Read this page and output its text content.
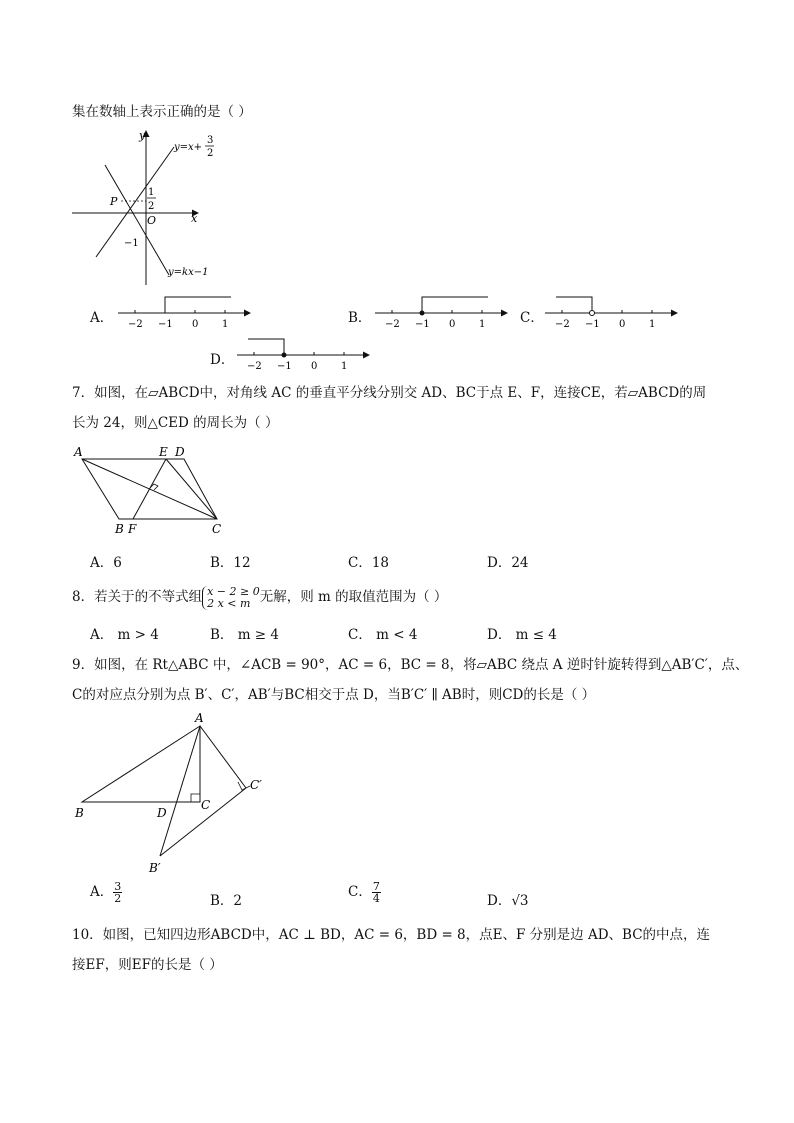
集在数轴上表示正确的是（ ）
y
x
O
P
y=x+
3
2
y=kx−1
1
2
−1
A． −2 −1 0 1	B． −2 −1 0 1	C． −2 −1 0 1
D． −2 −1 0 1
7．如图，在▱ABCD中，对角线 AC 的垂直平分线分别交 AD、BC于点 E、F，连接CE，若▱ABCD的周
长为 24，则△CED 的周长为（ ）
A	E D
B F	C
A．6	B．12	C．18	D．24
8．若关于的不等式组 x − 2 ≥ 0
2 x < m 无解，则 m 的取值范围为（ ）
A． m > 4	B． m ≥ 4	C． m < 4	D． m ≤ 4
9．如图，在 Rt△ABC 中，∠ACB = 90°，AC = 6，BC = 8，将▱ABC 绕点 A 逆时针旋转得到△AB′C′，点、
C的对应点分别为点 B′、C′，AB′与BC相交于点 D，当B′C′ ∥ AB时，则CD的长是（ ）
A
B	D
C
C′
B′
A． $\frac{3}{2}$	B．2
C． $\frac{7}{4}$	D．√3
10．如图，已知四边形ABCD中，AC ⊥ BD，AC = 6，BD = 8，点E、F 分别是边 AD、BC的中点，连
接EF，则EF的长是（ ）
